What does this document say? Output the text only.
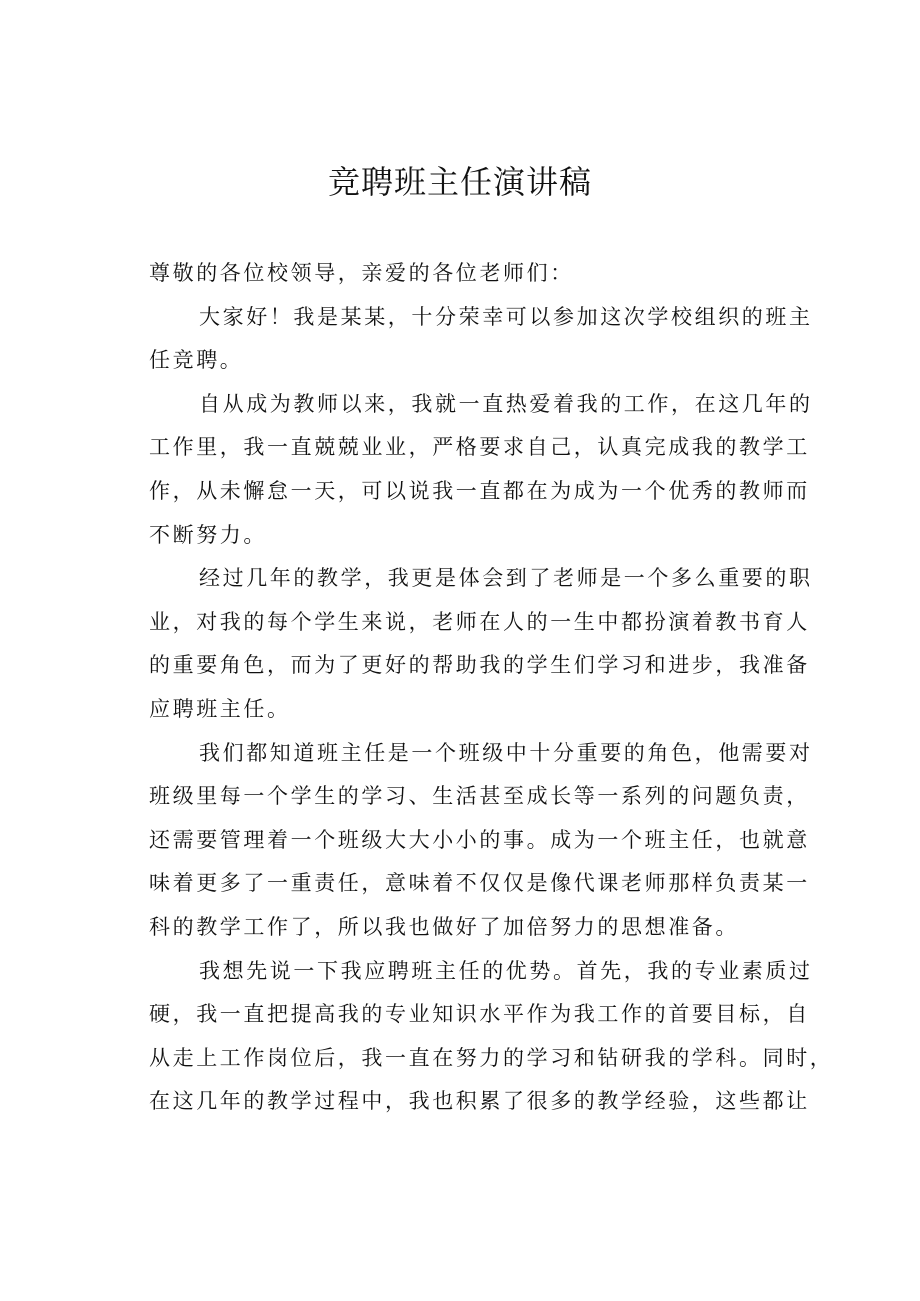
竞聘班主任演讲稿
尊敬的各位校领导，亲爱的各位老师们：
大家好！我是某某，十分荣幸可以参加这次学校组织的班主
任竞聘。
自从成为教师以来，我就一直热爱着我的工作，在这几年的
工作里，我一直兢兢业业，严格要求自己，认真完成我的教学工
作，从未懈怠一天，可以说我一直都在为成为一个优秀的教师而
不断努力。
经过几年的教学，我更是体会到了老师是一个多么重要的职
业，对我的每个学生来说，老师在人的一生中都扮演着教书育人
的重要角色，而为了更好的帮助我的学生们学习和进步，我准备
应聘班主任。
我们都知道班主任是一个班级中十分重要的角色，他需要对
班级里每一个学生的学习、生活甚至成长等一系列的问题负责，
还需要管理着一个班级大大小小的事。成为一个班主任，也就意
味着更多了一重责任，意味着不仅仅是像代课老师那样负责某一
科的教学工作了，所以我也做好了加倍努力的思想准备。
我想先说一下我应聘班主任的优势。首先，我的专业素质过
硬，我一直把提高我的专业知识水平作为我工作的首要目标，自
从走上工作岗位后，我一直在努力的学习和钻研我的学科。同时，
在这几年的教学过程中，我也积累了很多的教学经验，这些都让
